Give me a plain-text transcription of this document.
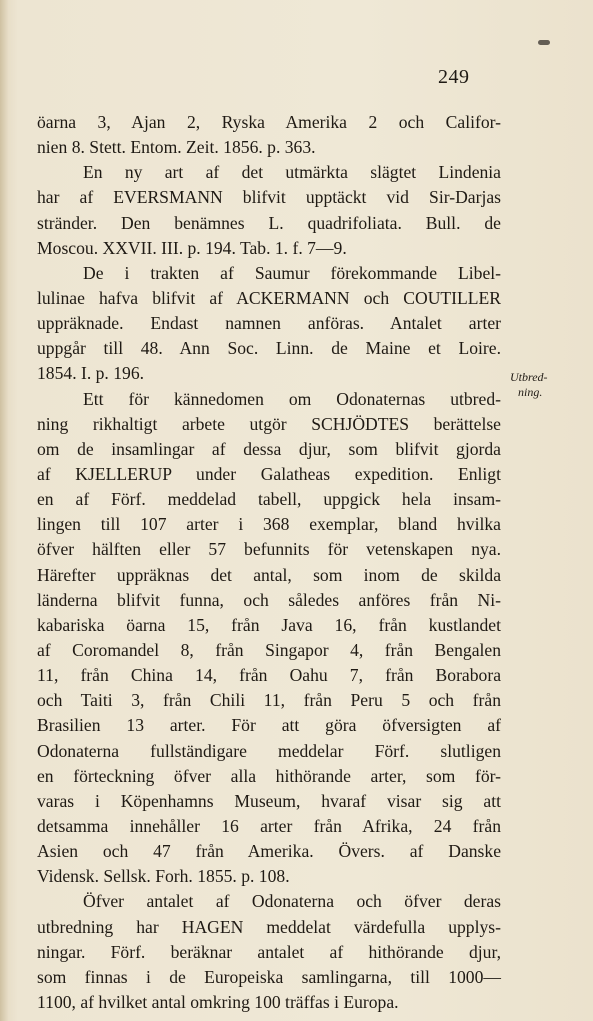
249
Utbred-
ning.
öarna 3, Ajan 2, Ryska Amerika 2 och Califor-
nien 8. Stett. Entom. Zeit. 1856. p. 363.
En ny art af det utmärkta slägtet Lindenia
har af EVERSMANN blifvit upptäckt vid Sir-Darjas
stränder. Den benämnes L. quadrifoliata. Bull. de
Moscou. XXVII. III. p. 194. Tab. 1. f. 7—9.
De i trakten af Saumur förekommande Libel-
lulinae hafva blifvit af ACKERMANN och COUTILLER
uppräknade. Endast namnen anföras. Antalet arter
uppgår till 48. Ann Soc. Linn. de Maine et Loire.
1854. I. p. 196.
Ett för kännedomen om Odonaternas utbred-
ning rikhaltigt arbete utgör SCHJÖDTES berättelse
om de insamlingar af dessa djur, som blifvit gjorda
af KJELLERUP under Galatheas expedition. Enligt
en af Förf. meddelad tabell, uppgick hela insam-
lingen till 107 arter i 368 exemplar, bland hvilka
öfver hälften eller 57 befunnits för vetenskapen nya.
Härefter uppräknas det antal, som inom de skilda
länderna blifvit funna, och således anföres från Ni-
kabariska öarna 15, från Java 16, från kustlandet
af Coromandel 8, från Singapor 4, från Bengalen
11, från China 14, från Oahu 7, från Borabora
och Taiti 3, från Chili 11, från Peru 5 och från
Brasilien 13 arter. För att göra öfversigten af
Odonaterna fullständigare meddelar Förf. slutligen
en förteckning öfver alla hithörande arter, som för-
varas i Köpenhamns Museum, hvaraf visar sig att
detsamma innehåller 16 arter från Afrika, 24 från
Asien och 47 från Amerika. Övers. af Danske
Vidensk. Sellsk. Forh. 1855. p. 108.
Öfver antalet af Odonaterna och öfver deras
utbredning har HAGEN meddelat värdefulla upplys-
ningar. Förf. beräknar antalet af hithörande djur,
som finnas i de Europeiska samlingarna, till 1000—
1100, af hvilket antal omkring 100 träffas i Europa.
